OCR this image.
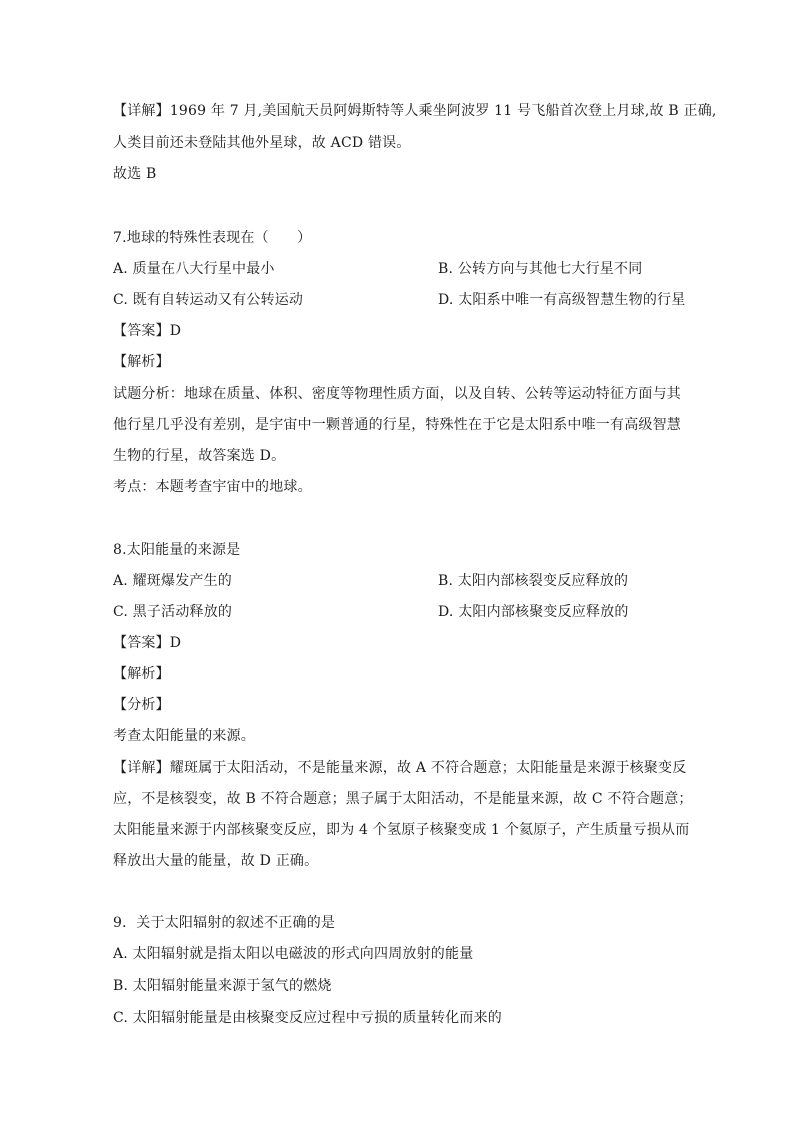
【详解】1969 年 7 月,美国航天员阿姆斯特等人乘坐阿波罗 11 号飞船首次登上月球,故 B 正确,
人类目前还未登陆其他外星球，故 ACD 错误。
故选 B
7.地球的特殊性表现在（　　）
A. 质量在八大行星中最小	B. 公转方向与其他七大行星不同
C. 既有自转运动又有公转运动	D. 太阳系中唯一有高级智慧生物的行星
【答案】D
【解析】
试题分析：地球在质量、体积、密度等物理性质方面，以及自转、公转等运动特征方面与其
他行星几乎没有差别，是宇宙中一颗普通的行星，特殊性在于它是太阳系中唯一有高级智慧
生物的行星，故答案选 D。
考点：本题考查宇宙中的地球。
8.太阳能量的来源是
A. 耀斑爆发产生的	B. 太阳内部核裂变反应释放的
C. 黑子活动释放的	D. 太阳内部核聚变反应释放的
【答案】D
【解析】
【分析】
考查太阳能量的来源。
【详解】耀斑属于太阳活动，不是能量来源，故 A 不符合题意；太阳能量是来源于核聚变反
应，不是核裂变，故 B 不符合题意；黑子属于太阳活动，不是能量来源，故 C 不符合题意；
太阳能量来源于内部核聚变反应，即为 4 个氢原子核聚变成 1 个氦原子，产生质量亏损从而
释放出大量的能量，故 D 正确。
9．关于太阳辐射的叙述不正确的是
A. 太阳辐射就是指太阳以电磁波的形式向四周放射的能量
B. 太阳辐射能量来源于氢气的燃烧
C. 太阳辐射能量是由核聚变反应过程中亏损的质量转化而来的
